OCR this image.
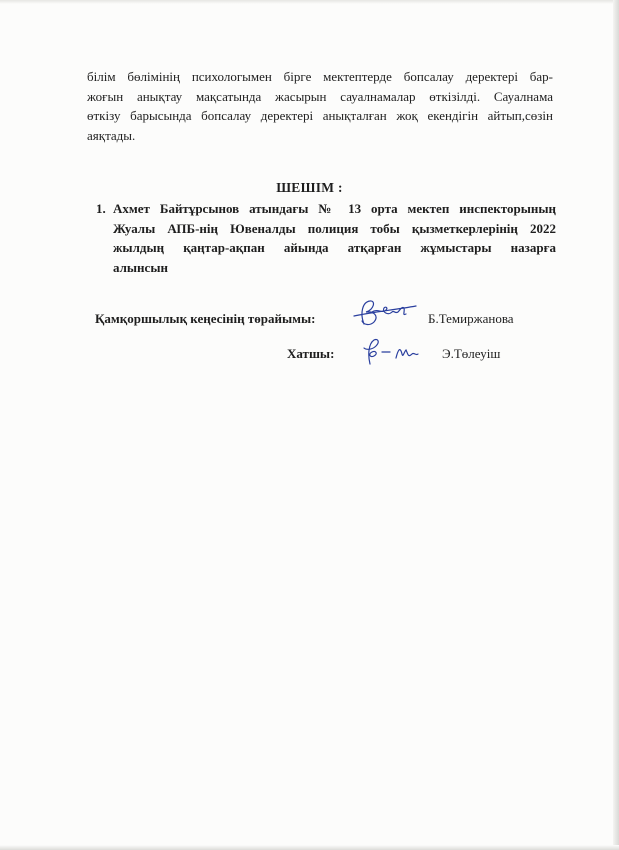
білім бөлімінің психологымен бірге мектептерде бопсалау деректері бар-
жоғын анықтау мақсатында жасырын сауалнамалар өткізілді. Сауалнама
өткізу барысында бопсалау деректері анықталған жоқ екендігін айтып,сөзін
аяқтады.
ШЕШІМ :
1. Ахмет Байтұрсынов атындағы № 13 орта мектеп инспекторының
Жуалы АПБ-нің Ювеналды полиция тобы қызметкерлерінің 2022
жылдың қаңтар-ақпан айында атқарған жұмыстары назарға
алынсын
Қамқоршылық кеңесінің төрайымы:	Б.Темиржанова
Хатшы:	Э.Төлеуіш
